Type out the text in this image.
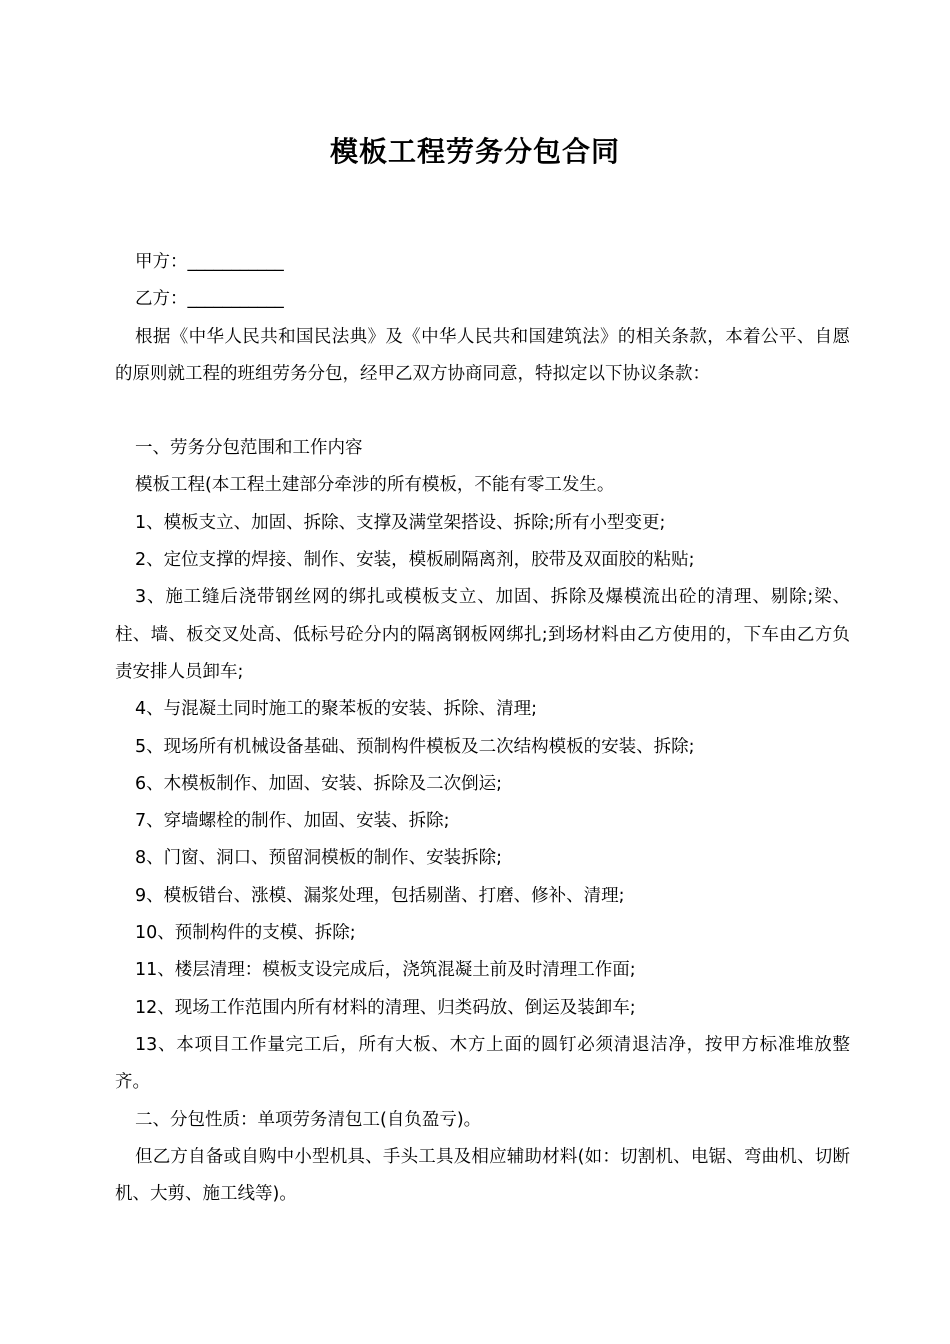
模板工程劳务分包合同

甲方：___________

乙方：___________

根据《中华人民共和国民法典》及《中华人民共和国建筑法》的相关条款，本着公平、自愿的原则就工程的班组劳务分包，经甲乙双方协商同意，特拟定以下协议条款：

一、劳务分包范围和工作内容

模板工程(本工程土建部分牵涉的所有模板，不能有零工发生。

1、模板支立、加固、拆除、支撑及满堂架搭设、拆除;所有小型变更;

2、定位支撑的焊接、制作、安装，模板刷隔离剂，胶带及双面胶的粘贴;

3、施工缝后浇带钢丝网的绑扎或模板支立、加固、拆除及爆模流出砼的清理、剔除;梁、柱、墙、板交叉处高、低标号砼分内的隔离钢板网绑扎;到场材料由乙方使用的，下车由乙方负责安排人员卸车;

4、与混凝土同时施工的聚苯板的安装、拆除、清理;

5、现场所有机械设备基础、预制构件模板及二次结构模板的安装、拆除;

6、木模板制作、加固、安装、拆除及二次倒运;

7、穿墙螺栓的制作、加固、安装、拆除;

8、门窗、洞口、预留洞模板的制作、安装拆除;

9、模板错台、涨模、漏浆处理，包括剔凿、打磨、修补、清理;

10、预制构件的支模、拆除;

11、楼层清理：模板支设完成后，浇筑混凝土前及时清理工作面;

12、现场工作范围内所有材料的清理、归类码放、倒运及装卸车;

13、本项目工作量完工后，所有大板、木方上面的圆钉必须清退洁净，按甲方标准堆放整齐。

二、分包性质：单项劳务清包工(自负盈亏)。

但乙方自备或自购中小型机具、手头工具及相应辅助材料(如：切割机、电锯、弯曲机、切断机、大剪、施工线等)。
